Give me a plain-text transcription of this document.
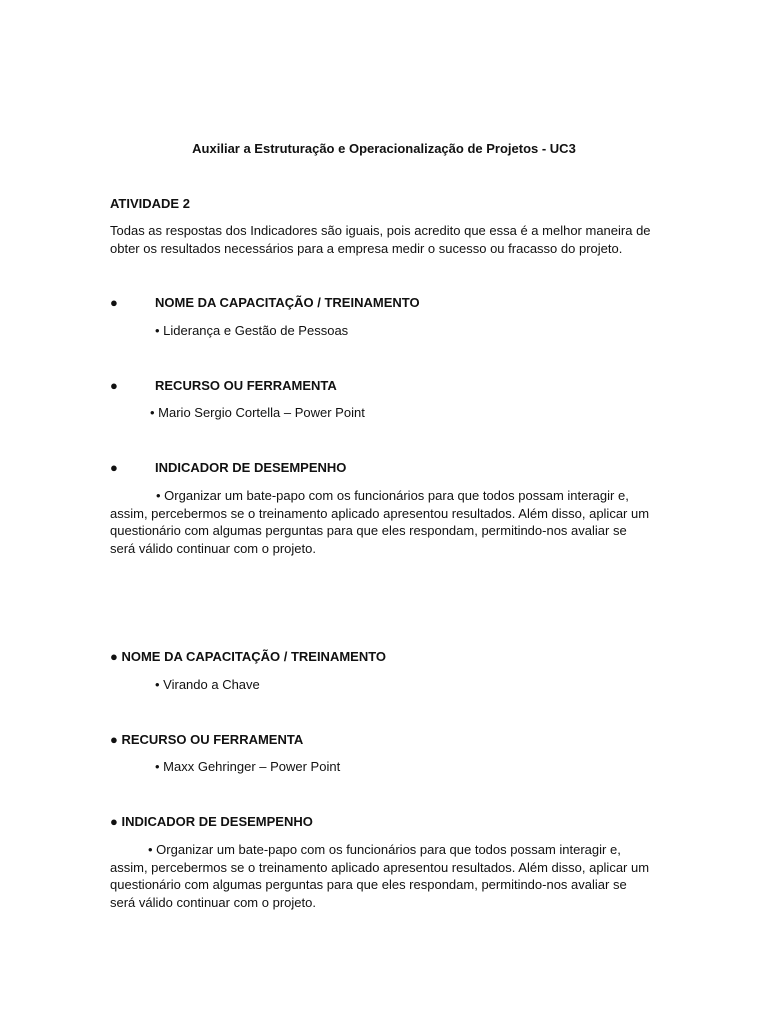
Auxiliar a Estruturação e Operacionalização de Projetos - UC3
ATIVIDADE 2
Todas as respostas dos Indicadores são iguais, pois acredito que essa é a melhor maneira de obter os resultados necessários para a empresa medir o sucesso ou fracasso do projeto.
●	NOME DA CAPACITAÇÃO / TREINAMENTO
• Liderança e Gestão de Pessoas
●	RECURSO OU FERRAMENTA
• Mario Sergio Cortella – Power Point
●	INDICADOR DE DESEMPENHO
• Organizar um bate-papo com os funcionários para que todos possam interagir e, assim, percebermos se o treinamento aplicado apresentou resultados. Além disso, aplicar um questionário com algumas perguntas para que eles respondam, permitindo-nos avaliar se será válido continuar com o projeto.
● NOME DA CAPACITAÇÃO / TREINAMENTO
• Virando a Chave
● RECURSO OU FERRAMENTA
• Maxx Gehringer – Power Point
● INDICADOR DE DESEMPENHO
• Organizar um bate-papo com os funcionários para que todos possam interagir e, assim, percebermos se o treinamento aplicado apresentou resultados. Além disso, aplicar um questionário com algumas perguntas para que eles respondam, permitindo-nos avaliar se será válido continuar com o projeto.
